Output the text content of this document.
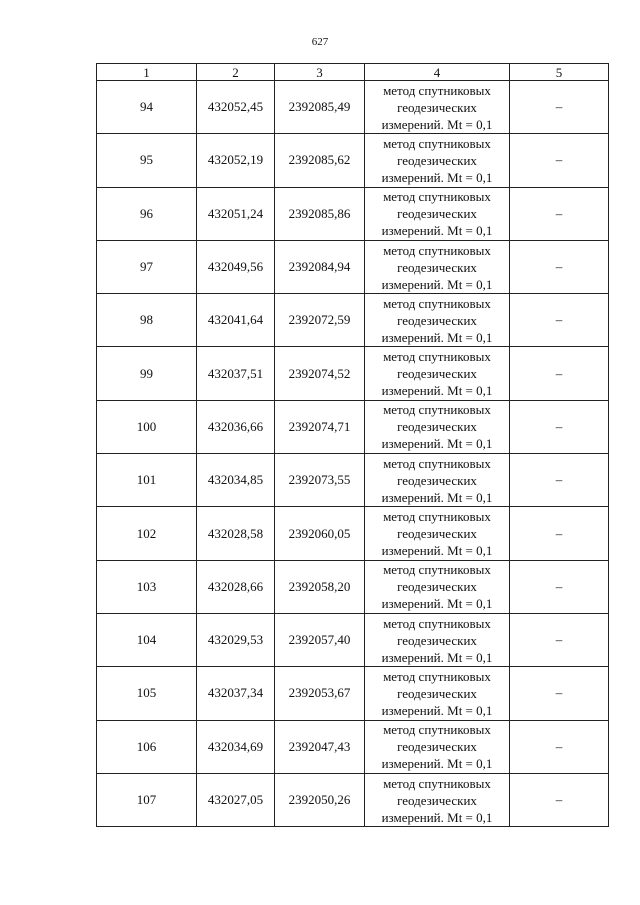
627
1	2	3	4	5
94	432052,45	2392085,49	метод спутниковых
геодезических
измерений. Mt = 0,1	–
95	432052,19	2392085,62	метод спутниковых
геодезических
измерений. Mt = 0,1	–
96	432051,24	2392085,86	метод спутниковых
геодезических
измерений. Mt = 0,1	–
97	432049,56	2392084,94	метод спутниковых
геодезических
измерений. Mt = 0,1	–
98	432041,64	2392072,59	метод спутниковых
геодезических
измерений. Mt = 0,1	–
99	432037,51	2392074,52	метод спутниковых
геодезических
измерений. Mt = 0,1	–
100	432036,66	2392074,71	метод спутниковых
геодезических
измерений. Mt = 0,1	–
101	432034,85	2392073,55	метод спутниковых
геодезических
измерений. Mt = 0,1	–
102	432028,58	2392060,05	метод спутниковых
геодезических
измерений. Mt = 0,1	–
103	432028,66	2392058,20	метод спутниковых
геодезических
измерений. Mt = 0,1	–
104	432029,53	2392057,40	метод спутниковых
геодезических
измерений. Mt = 0,1	–
105	432037,34	2392053,67	метод спутниковых
геодезических
измерений. Mt = 0,1	–
106	432034,69	2392047,43	метод спутниковых
геодезических
измерений. Mt = 0,1	–
107	432027,05	2392050,26	метод спутниковых
геодезических
измерений. Mt = 0,1	–
